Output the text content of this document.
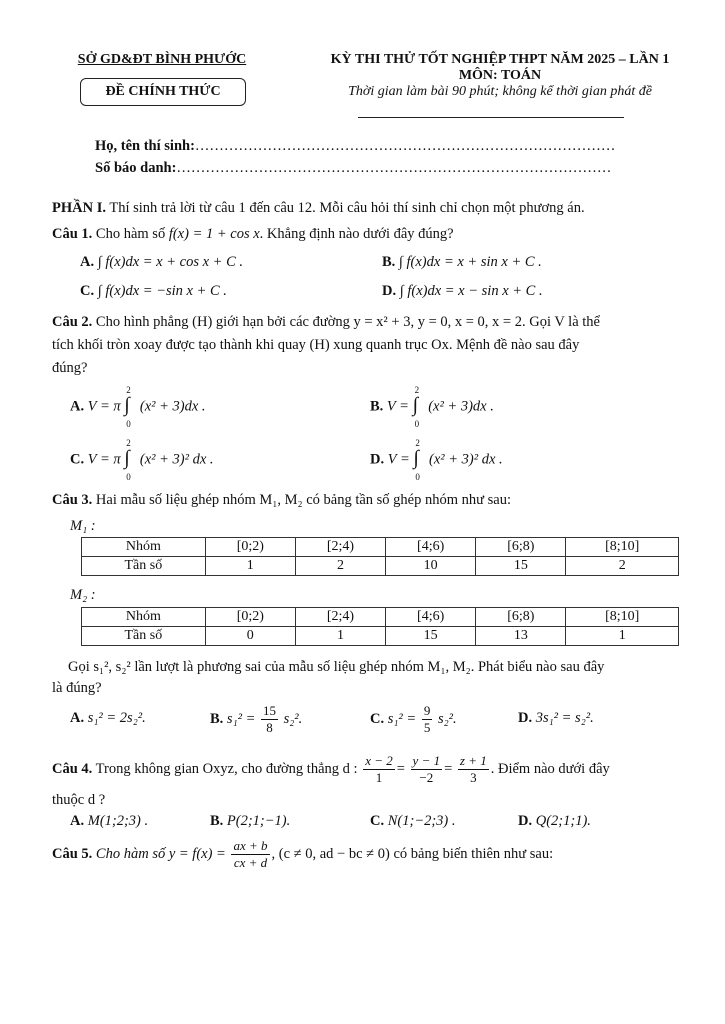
SỞ GD&ĐT BÌNH PHƯỚC
ĐỀ CHÍNH THỨC
KỲ THI THỬ TỐT NGHIỆP THPT NĂM 2025 – LẦN 1
MÔN: TOÁN
Thời gian làm bài 90 phút; không kể thời gian phát đề
Họ, tên thí sinh:……………………………………………………………………………
Số báo danh:………………………………………………………………………………
PHẦN I. Thí sinh trả lời từ câu 1 đến câu 12. Mỗi câu hỏi thí sinh chỉ chọn một phương án.
Câu 1. Cho hàm số f(x) = 1 + cos x. Khẳng định nào dưới đây đúng?
A. ∫ f(x)dx = x + cos x + C .	B. ∫ f(x)dx = x + sin x + C .
C. ∫ f(x)dx = −sin x + C .	D. ∫ f(x)dx = x − sin x + C .
Câu 2. Cho hình phẳng (H) giới hạn bởi các đường y = x² + 3, y = 0, x = 0, x = 2. Gọi V là thể
tích khối tròn xoay được tạo thành khi quay (H) xung quanh trục Ox. Mệnh đề nào sau đây
đúng?
A. V = π
2
∫
0
(x² + 3)dx .	B. V =
2
∫
0
(x² + 3)dx .
C. V = π
2
∫
0
(x² + 3)² dx .	D. V =
2
∫
0
(x² + 3)² dx .
Câu 3. Hai mẫu số liệu ghép nhóm M₁, M₂ có bảng tần số ghép nhóm như sau:
M₁ :
Nhóm	[0;2)	[2;4)	[4;6)	[6;8)	[8;10]
Tần số	1	2	10	15	2
M₂ :
Nhóm	[0;2)	[2;4)	[4;6)	[6;8)	[8;10]
Tần số	0	1	15	13	1
Gọi s₁², s₂² lần lượt là phương sai của mẫu số liệu ghép nhóm M₁, M₂. Phát biểu nào sau đây
là đúng?
A. s₁² = 2s₂².	B. $s_1^2 = \frac{15}{8} s_2^2$.	C. $s_1^2 = \frac{9}{5} s_2^2$.	D. 3s₁² = s₂².
Câu 4. Trong không gian Oxyz, cho đường thẳng d : $\frac{x - 2}{1} = \frac{y - 1}{-2} = \frac{z + 1}{3}$ . Điểm nào dưới đây
thuộc d ?
A. M(1;2;3) .	B. P(2;1;−1).	C. N(1;−2;3) .	D. Q(2;1;1).
Câu 5. Cho hàm số $y = f(x) = \frac{ax + b}{cx + d}$ , (c ≠ 0, ad − bc ≠ 0) có bảng biến thiên như sau:
